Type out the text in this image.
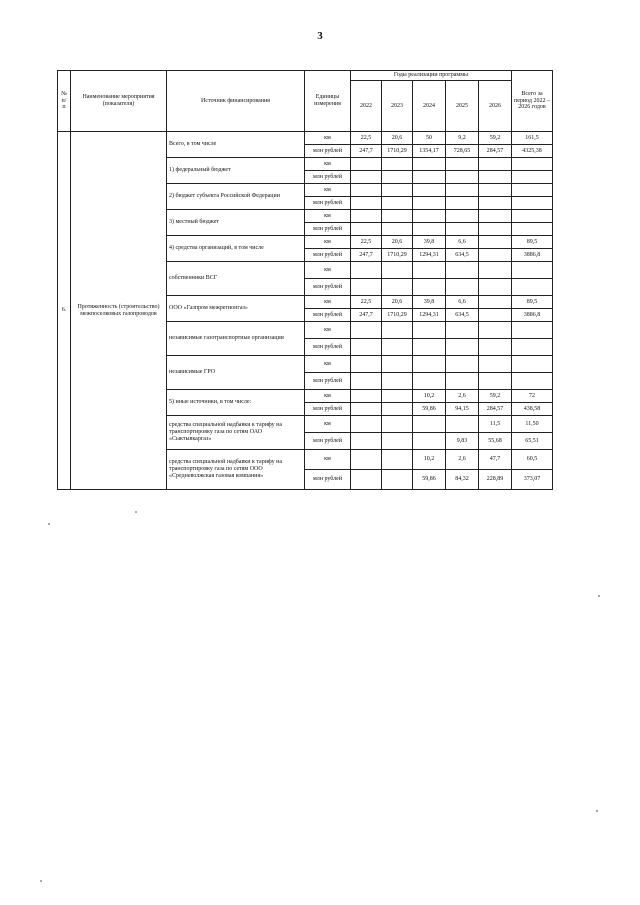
3
№ п/п	Наименование мероприятия (показателя)	Источник финансирования	Единицы измерения	Годы реализации программы					Всего за период 2022 – 2026 годов
				2022	2023	2024	2025	2026	
6.	Протяженность (строительство) межпоселковых газопроводов	Всего, в том числе	км	22,5	20,6	50	9,2	59,2	161,5
			млн рублей	247,7	1710,29	1354,17	728,65	284,57	4325,38
		1) федеральный бюджет	км						
			млн рублей						
		2) бюджет субъекта Российской Федерации	км						
			млн рублей						
		3) местный бюджет	км						
			млн рублей						
		4) средства организаций, в том числе	км	22,5	20,6	39,8	6,6		89,5
			млн рублей	247,7	1710,29	1294,31	634,5		3886,8
		собственники ВСГ	км						
			млн рублей						
		ООО «Газпром межрегионгаз»	км	22,5	20,6	39,8	6,6		89,5
			млн рублей	247,7	1710,29	1294,31	634,5		3886,8
		независимые газотранспортные организации	км						
			млн рублей						
		независимые ГРО	км						
			млн рублей						
		5) иные источники, в том числе:	км			10,2	2,6	59,2	72
			млн рублей			59,86	94,15	284,57	438,58
		средства специальной надбавки к тарифу на транспортировку газа по сетям ОАО «Сыктывкаргаз»	км					11,5	11,50
			млн рублей				9,83	55,68	65,51
		средства специальной надбавки к тарифу на транспортировку газа по сетям ООО «Средневолжская газовая компания»	км			10,2	2,6	47,7	60,5
			млн рублей			59,86	84,32	228,89	373,07
